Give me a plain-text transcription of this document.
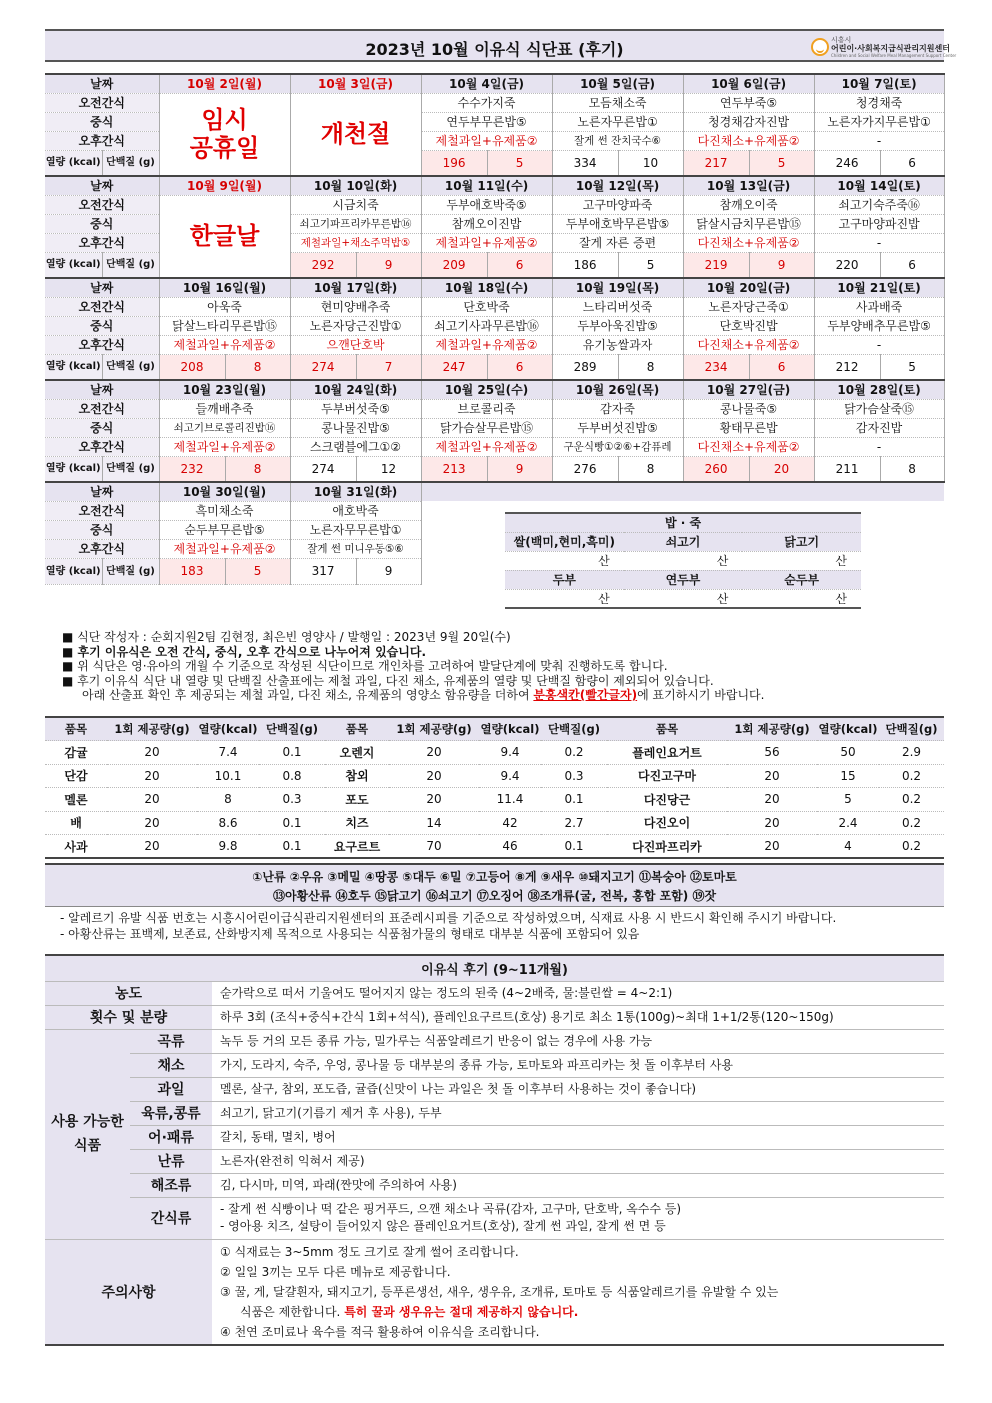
2023년 10월 이유식 식단표 (후기)	시흥시
어린이·사회복지급식관리지원센터
Children and Social Welfare Meal Management Support Center
날짜		10월 2일(월)		10월 3일(금)		10월 4일(금)		10월 5일(금)		10월 6일(금)		10월 7일(토)	
오전간식		임시 공휴일		개천절		수수가지죽		모듬채소죽		연두부죽⑤		청경채죽	
중식						연두부무른밥⑤		노른자무른밥①		청경채감자진밥		노른자가지무른밥①	
오후간식						제철과일+유제품②		잘게 썬 잔치국수⑥		다진채소+유제품②		-	

열량 (kcal)	단백질 (g)					196	5	334	10	217	5	246	6
날짜		10월 9일(월)		10월 10일(화)		10월 11일(수)		10월 12일(목)		10월 13일(금)		10월 14일(토)	
오전간식		한글날		시금치죽		두부애호박죽⑤		고구마양파죽		참깨오이죽		쇠고기숙주죽⑯	
중식				쇠고기파프리카무른밥⑯		참깨오이진밥		두부애호박무른밥⑤		닭살시금치무른밥⑮		고구마양파진밥	
오후간식				제철과일+채소주먹밥⑤		제철과일+유제품②		잘게 자른 증편		다진채소+유제품②		-	

열량 (kcal)	단백질 (g)			292	9	209	6	186	5	219	9	220	6
날짜		10월 16일(월)		10월 17일(화)		10월 18일(수)		10월 19일(목)		10월 20일(금)		10월 21일(토)	
오전간식		아욱죽		현미양배추죽		단호박죽		느타리버섯죽		노른자당근죽①		사과배죽	
중식		닭살느타리무른밥⑮		노른자당근진밥①		쇠고기사과무른밥⑯		두부아욱진밥⑤		단호박진밥		두부양배추무른밥⑤	
오후간식		제철과일+유제품②		으깬단호박		제철과일+유제품②		유기농쌀과자		다진채소+유제품②		-	

열량 (kcal)	단백질 (g)	208	8	274	7	247	6	289	8	234	6	212	5
날짜		10월 23일(월)		10월 24일(화)		10월 25일(수)		10월 26일(목)		10월 27일(금)		10월 28일(토)	
오전간식		들깨배추죽		두부버섯죽⑤		브로콜리죽		감자죽		콩나물죽⑤		닭가슴살죽⑮	
중식		쇠고기브로콜리진밥⑯		콩나물진밥⑤		닭가슴살무른밥⑮		두부버섯진밥⑤		황태무른밥		감자진밥	
오후간식		제철과일+유제품②		스크램블에그①②		제철과일+유제품②		구운식빵①②⑥+감퓨레		다진채소+유제품②		-	

열량 (kcal)	단백질 (g)	232	8	274	12	213	9	276	8	260	20	211	8
날짜		10월 30일(월)		10월 31일(화)									
오전간식		흑미채소죽		애호박죽									
중식		순두부무른밥⑤		노른자무무른밥①									
오후간식		제철과일+유제품②		잘게 썬 미니우동⑤⑥									

열량 (kcal)	단백질 (g)	183	5	317	9								
밥 · 죽		
쌀(백미,현미,흑미)	쇠고기	닭고기
산	산	산
두부	연두부	순두부
산	산	산
■ 식단 작성자 : 순회지원2팀 김현정, 최은빈 영양사 / 발행일 : 2023년 9월 20일(수)
■ 후기 이유식은 오전 간식, 중식, 오후 간식으로 나누어져 있습니다.
■ 위 식단은 영·유아의 개월 수 기준으로 작성된 식단이므로 개인차를 고려하여 발달단계에 맞춰 진행하도록 합니다.
■ 후기 이유식 식단 내 열량 및 단백질 산출표에는 제철 과일, 다진 채소, 유제품의 열량 및 단백질 함량이 제외되어 있습니다.
아래 산출표 확인 후 제공되는 제철 과일, 다진 채소, 유제품의 영양소 함유량을 더하여 분홍색칸(빨간글자)에 표기하시기 바랍니다.
품목	1회 제공량(g)	열량(kcal)	단백질(g)	품목	1회 제공량(g)	열량(kcal)	단백질(g)	품목	1회 제공량(g)	열량(kcal)	단백질(g)
감귤	20	7.4	0.1	오렌지	20	9.4	0.2	플레인요거트	56	50	2.9
단감	20	10.1	0.8	참외	20	9.4	0.3	다진고구마	20	15	0.2
멜론	20	8	0.3	포도	20	11.4	0.1	다진당근	20	5	0.2
배	20	8.6	0.1	치즈	14	42	2.7	다진오이	20	2.4	0.2
사과	20	9.8	0.1	요구르트	70	46	0.1	다진파프리카	20	4	0.2
①난류 ②우유 ③메밀 ④땅콩 ⑤대두 ⑥밀 ⑦고등어 ⑧게 ⑨새우 ⑩돼지고기 ⑪복숭아 ⑫토마토
⑬아황산류 ⑭호두 ⑮닭고기 ⑯쇠고기 ⑰오징어 ⑱조개류(굴, 전복, 홍합 포함) ⑲잣
- 알레르기 유발 식품 번호는 시흥시어린이급식관리지원센터의 표준레시피를 기준으로 작성하였으며, 식재료 사용 시 반드시 확인해 주시기 바랍니다.
- 아황산류는 표백제, 보존료, 산화방지제 목적으로 사용되는 식품첨가물의 형태로 대부분 식품에 포함되어 있음
이유식 후기 (9~11개월)		
농도		숟가락으로 떠서 기울여도 떨어지지 않는 정도의 된죽 (4~2배죽, 물:불린쌀 = 4~2:1)
횟수 및 분량		하루 3회 (조식+중식+간식 1회+석식), 플레인요구르트(호상) 용기로 최소 1통(100g)~최대 1+1/2통(120~150g)
사용 가능한 식품	곡류	녹두 등 거의 모든 종류 가능, 밀가루는 식품알레르기 반응이 없는 경우에 사용 가능
	채소	가지, 도라지, 숙주, 우엉, 콩나물 등 대부분의 종류 가능, 토마토와 파프리카는 첫 돌 이후부터 사용
	과일	멜론, 살구, 참외, 포도즙, 귤즙(신맛이 나는 과일은 첫 돌 이후부터 사용하는 것이 좋습니다)
	육류,콩류	쇠고기, 닭고기(기름기 제거 후 사용), 두부
	어·패류	갈치, 동태, 멸치, 병어
	난류	노른자(완전히 익혀서 제공)
	해조류	김, 다시마, 미역, 파래(짠맛에 주의하여 사용)
	간식류	- 잘게 썬 식빵이나 떡 같은 핑거푸드, 으깬 채소나 곡류(감자, 고구마, 단호박, 옥수수 등)
- 영아용 치즈, 설탕이 들어있지 않은 플레인요거트(호상), 잘게 썬 과일, 잘게 썬 면 등

주의사항		① 식재료는 3~5mm 정도 크기로 잘게 썰어 조리합니다.
② 일일 3끼는 모두 다른 메뉴로 제공합니다.
③ 꿀, 게, 달걀흰자, 돼지고기, 등푸른생선, 새우, 생우유, 조개류, 토마토 등 식품알레르기를 유발할 수 있는
식품은 제한합니다. 특히 꿀과 생우유는 절대 제공하지 않습니다.
④ 천연 조미료나 육수를 적극 활용하여 이유식을 조리합니다.
